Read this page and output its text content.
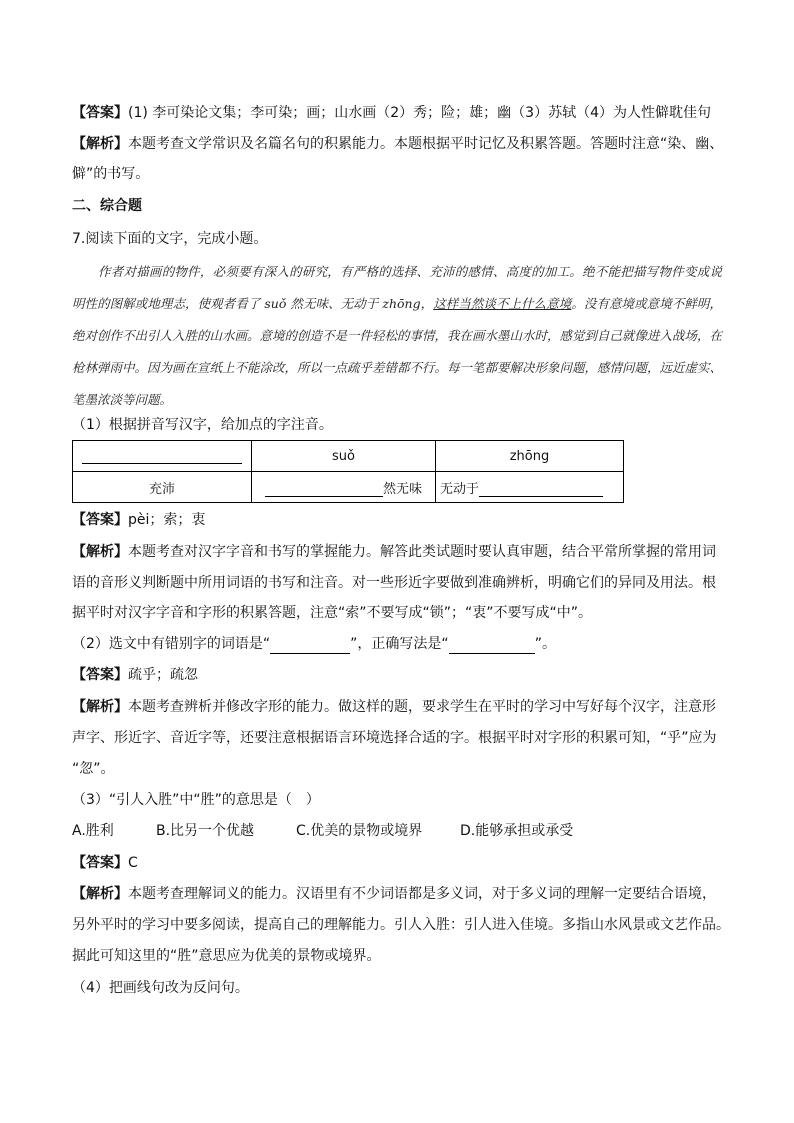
【答案】(1) 李可染论文集；李可染；画；山水画（2）秀；险；雄；幽（3）苏轼（4）为人性僻耽佳句
【解析】本题考查文学常识及名篇名句的积累能力。本题根据平时记忆及积累答题。答题时注意“染、幽、
僻”的书写。
二、综合题
7.阅读下面的文字，完成小题。
作者对描画的物件，必须要有深入的研究，有严格的选择、充沛的感情、高度的加工。绝不能把描写物件变成说明性的图解或地理志，使观者看了 suǒ 然无味、无动于 zhōng，这样当然谈不上什么意境。没有意境或意境不鲜明，绝对创作不出引人入胜的山水画。意境的创造不是一件轻松的事情，我在画水墨山水时，感觉到自己就像进入战场，在枪林弹雨中。因为画在宣纸上不能涂改，所以一点疏乎差错都不行。每一笔都要解决形象问题，感情问题，远近虚实、笔墨浓淡等问题。
（1）根据拼音写汉字，给加点的字注音。
	suǒ	zhōng
充沛	然无味	无动于
【答案】pèi；索；衷
【解析】本题考查对汉字字音和书写的掌握能力。解答此类试题时要认真审题，结合平常所掌握的常用词
语的音形义判断题中所用词语的书写和注音。对一些形近字要做到准确辨析，明确它们的异同及用法。根
据平时对汉字字音和字形的积累答题，注意“索”不要写成“锁”；“衷”不要写成“中”。
（2）选文中有错别字的词语是“	”，正确写法是“	”。
【答案】疏乎；疏忽
【解析】本题考查辨析并修改字形的能力。做这样的题，要求学生在平时的学习中写好每个汉字，注意形
声字、形近字、音近字等，还要注意根据语言环境选择合适的字。根据平时对字形的积累可知，“乎”应为
“忽”。
（3）“引人入胜”中“胜”的意思是（　）
A.胜利	B.比另一个优越	C.优美的景物或境界	D.能够承担或承受
【答案】C
【解析】本题考查理解词义的能力。汉语里有不少词语都是多义词，对于多义词的理解一定要结合语境，
另外平时的学习中要多阅读，提高自己的理解能力。引人入胜：引人进入佳境。多指山水风景或文艺作品。
据此可知这里的“胜”意思应为优美的景物或境界。
（4）把画线句改为反问句。
